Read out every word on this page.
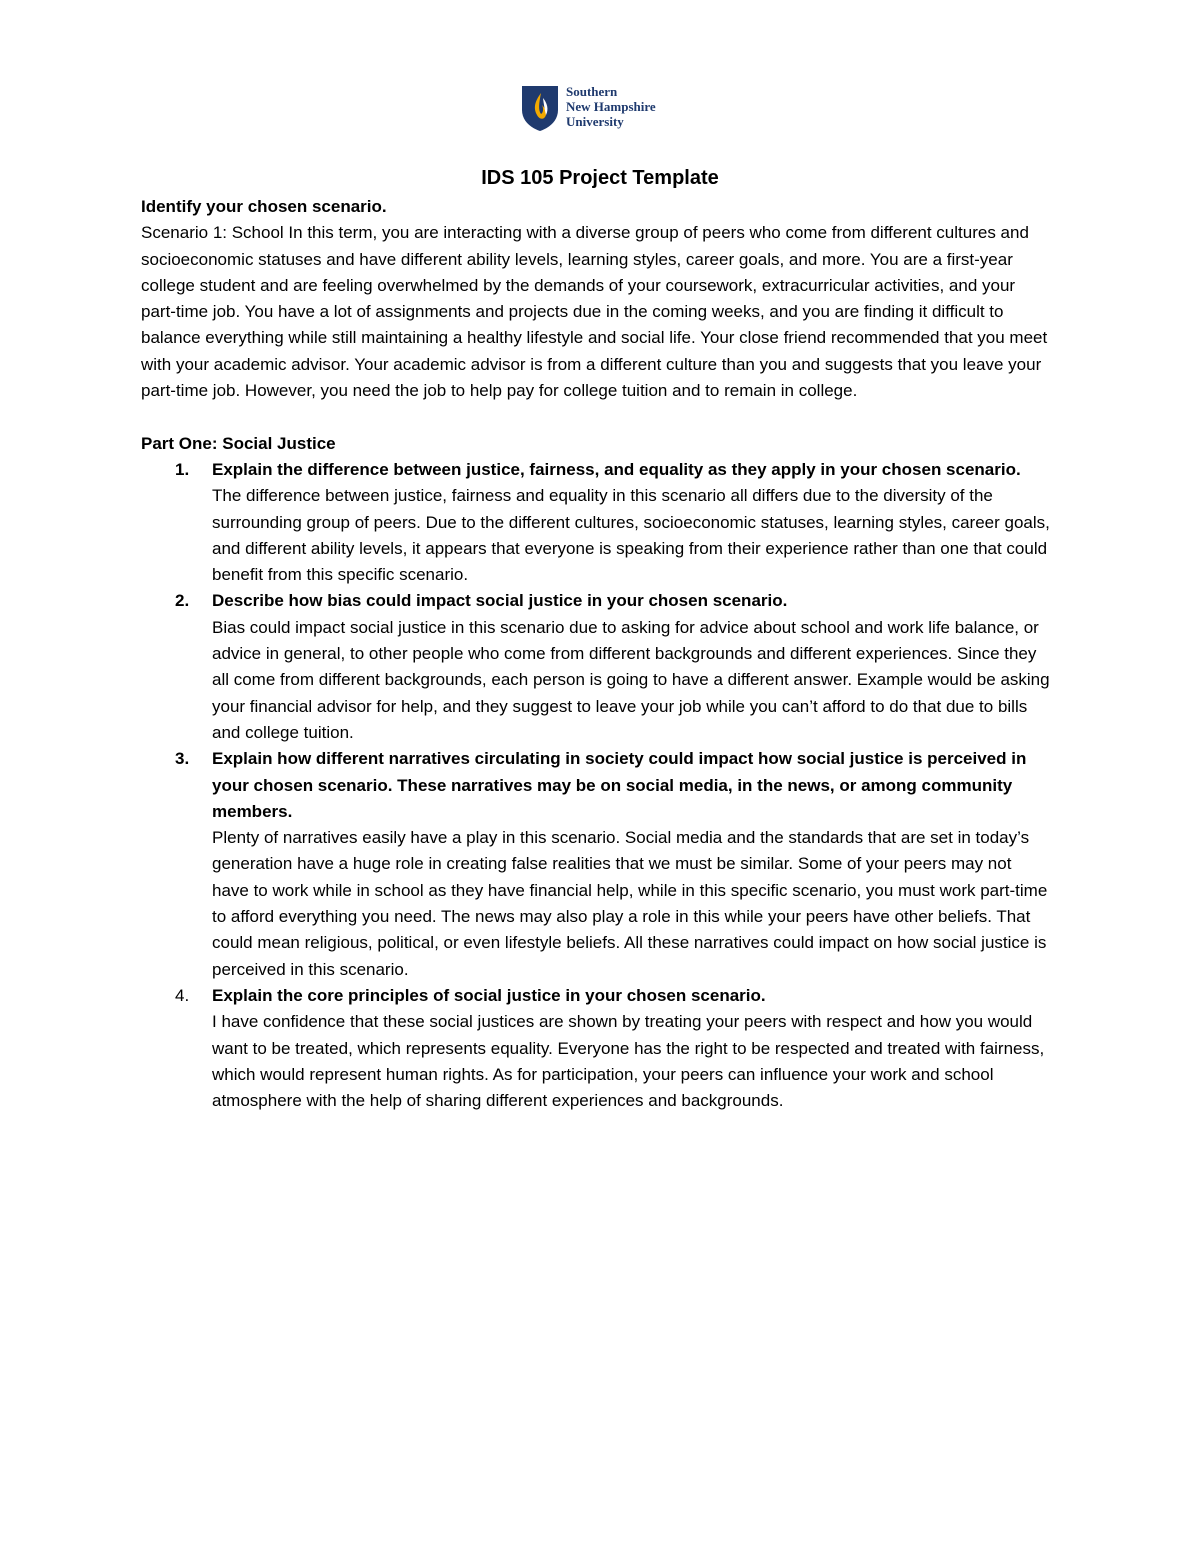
Southern
New Hampshire
University
IDS 105 Project Template

Identify your chosen scenario.

Scenario 1: School In this term, you are interacting with a diverse group of peers who come from different cultures and socioeconomic statuses and have different ability levels, learning styles, career goals, and more. You are a first-year college student and are feeling overwhelmed by the demands of your coursework, extracurricular activities, and your part-time job. You have a lot of assignments and projects due in the coming weeks, and you are finding it difficult to balance everything while still maintaining a healthy lifestyle and social life. Your close friend recommended that you meet with your academic advisor. Your academic advisor is from a different culture than you and suggests that you leave your part-time job. However, you need the job to help pay for college tuition and to remain in college.

Part One: Social Justice

1. Explain the difference between justice, fairness, and equality as they apply in your chosen scenario.

The difference between justice, fairness and equality in this scenario all differs due to the diversity of the surrounding group of peers. Due to the different cultures, socioeconomic statuses, learning styles, career goals, and different ability levels, it appears that everyone is speaking from their experience rather than one that could benefit from this specific scenario.

2. Describe how bias could impact social justice in your chosen scenario.

Bias could impact social justice in this scenario due to asking for advice about school and work life balance, or advice in general, to other people who come from different backgrounds and different experiences. Since they all come from different backgrounds, each person is going to have a different answer. Example would be asking your financial advisor for help, and they suggest to leave your job while you can’t afford to do that due to bills and college tuition.

3. Explain how different narratives circulating in society could impact how social justice is perceived in your chosen scenario. These narratives may be on social media, in the news, or among community members.

Plenty of narratives easily have a play in this scenario. Social media and the standards that are set in today’s generation have a huge role in creating false realities that we must be similar. Some of your peers may not have to work while in school as they have financial help, while in this specific scenario, you must work part-time to afford everything you need. The news may also play a role in this while your peers have other beliefs. That could mean religious, political, or even lifestyle beliefs. All these narratives could impact on how social justice is perceived in this scenario.

4. Explain the core principles of social justice in your chosen scenario.

I have confidence that these social justices are shown by treating your peers with respect and how you would want to be treated, which represents equality. Everyone has the right to be respected and treated with fairness, which would represent human rights. As for participation, your peers can influence your work and school atmosphere with the help of sharing different experiences and backgrounds.
